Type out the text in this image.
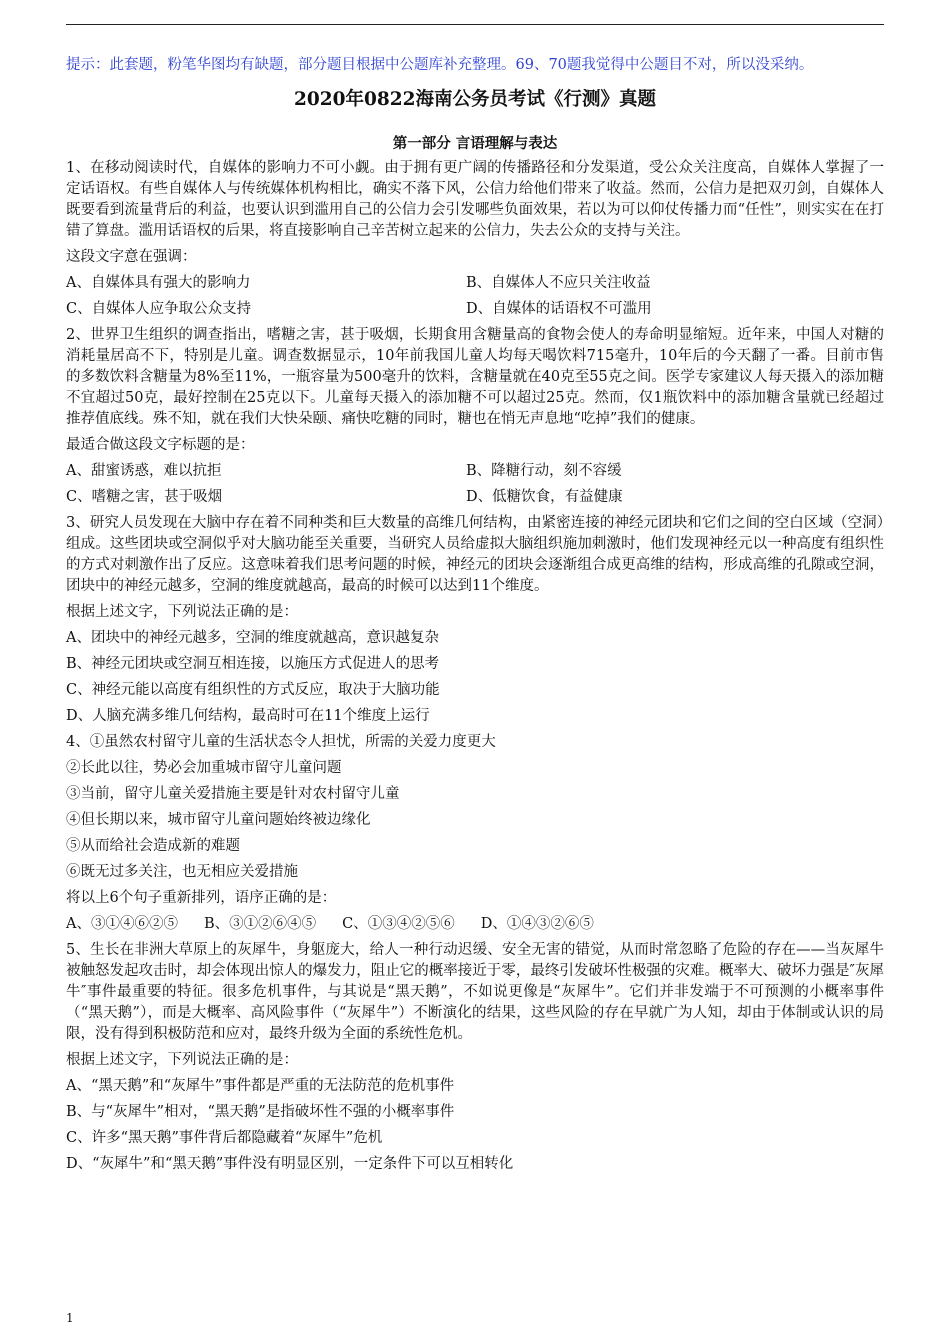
提示：此套题，粉笔华图均有缺题，部分题目根据中公题库补充整理。69、70题我觉得中公题目不对，所以没采纳。

2020年0822海南公务员考试《行测》真题
第一部分 言语理解与表达

1、在移动阅读时代，自媒体的影响力不可小觑。由于拥有更广阔的传播路径和分发渠道，受公众关注度高，自媒体人掌握了一定话语权。有些自媒体人与传统媒体机构相比，确实不落下风，公信力给他们带来了收益。然而，公信力是把双刃剑，自媒体人既要看到流量背后的利益，也要认识到滥用自己的公信力会引发哪些负面效果，若以为可以仰仗传播力而“任性”，则实实在在打错了算盘。滥用话语权的后果，将直接影响自己辛苦树立起来的公信力，失去公众的支持与关注。

这段文字意在强调：
A、自媒体具有强大的影响力	B、自媒体人不应只关注收益
C、自媒体人应争取公众支持	D、自媒体的话语权不可滥用

2、世界卫生组织的调查指出，嗜糖之害，甚于吸烟，长期食用含糖量高的食物会使人的寿命明显缩短。近年来，中国人对糖的消耗量居高不下，特别是儿童。调查数据显示，10年前我国儿童人均每天喝饮料715毫升，10年后的今天翻了一番。目前市售的多数饮料含糖量为8%至11%，一瓶容量为500毫升的饮料，含糖量就在40克至55克之间。医学专家建议人每天摄入的添加糖不宜超过50克，最好控制在25克以下。儿童每天摄入的添加糖不可以超过25克。然而，仅1瓶饮料中的添加糖含量就已经超过推荐值底线。殊不知，就在我们大快朵颐、痛快吃糖的同时，糖也在悄无声息地“吃掉”我们的健康。

最适合做这段文字标题的是：
A、甜蜜诱惑，难以抗拒	B、降糖行动，刻不容缓
C、嗜糖之害，甚于吸烟	D、低糖饮食，有益健康

3、研究人员发现在大脑中存在着不同种类和巨大数量的高维几何结构，由紧密连接的神经元团块和它们之间的空白区域（空洞）组成。这些团块或空洞似乎对大脑功能至关重要，当研究人员给虚拟大脑组织施加刺激时，他们发现神经元以一种高度有组织性的方式对刺激作出了反应。这意味着我们思考问题的时候，神经元的团块会逐渐组合成更高维的结构，形成高维的孔隙或空洞，团块中的神经元越多，空洞的维度就越高，最高的时候可以达到11个维度。

根据上述文字，下列说法正确的是：
A、团块中的神经元越多，空洞的维度就越高，意识越复杂
B、神经元团块或空洞互相连接，以施压方式促进人的思考
C、神经元能以高度有组织性的方式反应，取决于大脑功能
D、人脑充满多维几何结构，最高时可在11个维度上运行
4、①虽然农村留守儿童的生活状态令人担忧，所需的关爱力度更大
②长此以往，势必会加重城市留守儿童问题
③当前，留守儿童关爱措施主要是针对农村留守儿童
④但长期以来，城市留守儿童问题始终被边缘化
⑤从而给社会造成新的难题
⑥既无过多关注，也无相应关爱措施
将以上6个句子重新排列，语序正确的是：
A、③①④⑥②⑤ B、③①②⑥④⑤ C、①③④②⑤⑥ D、①④③②⑥⑤

5、生长在非洲大草原上的灰犀牛，身躯庞大，给人一种行动迟缓、安全无害的错觉，从而时常忽略了危险的存在——当灰犀牛被触怒发起攻击时，却会体现出惊人的爆发力，阻止它的概率接近于零，最终引发破坏性极强的灾难。概率大、破坏力强是″灰犀牛″事件最重要的特征。很多危机事件，与其说是“黑天鹅”，不如说更像是“灰犀牛”。它们并非发端于不可预测的小概率事件（“黑天鹅”），而是大概率、高风险事件（“灰犀牛”）不断演化的结果，这些风险的存在早就广为人知，却由于体制或认识的局限，没有得到积极防范和应对，最终升级为全面的系统性危机。

根据上述文字，下列说法正确的是：
A、“黑天鹅”和“灰犀牛”事件都是严重的无法防范的危机事件
B、与“灰犀牛”相对，“黑天鹅”是指破坏性不强的小概率事件
C、许多“黑天鹅”事件背后都隐藏着“灰犀牛”危机
D、“灰犀牛”和“黑天鹅”事件没有明显区别，一定条件下可以互相转化
1
